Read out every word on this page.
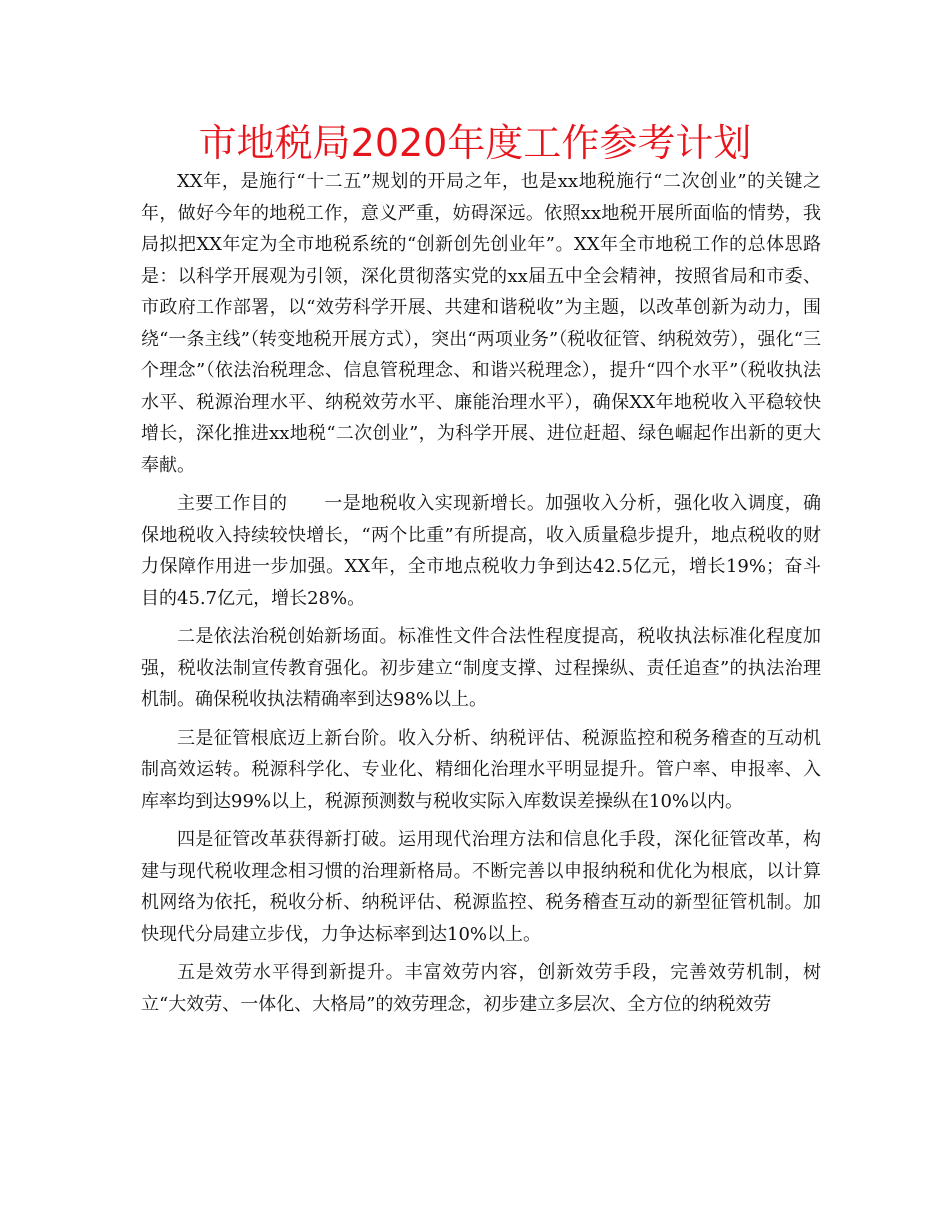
市地税局2020年度工作参考计划

XX年，是施行“十二五”规划的开局之年，也是xx地税施行“二次创业”的关键之年，做好今年的地税工作，意义严重，妨碍深远。依照xx地税开展所面临的情势，我局拟把XX年定为全市地税系统的“创新创先创业年”。XX年全市地税工作的总体思路是：以科学开展观为引领，深化贯彻落实党的xx届五中全会精神，按照省局和市委、市政府工作部署，以“效劳科学开展、共建和谐税收”为主题，以改革创新为动力，围绕“一条主线”（转变地税开展方式），突出“两项业务”（税收征管、纳税效劳），强化“三个理念”（依法治税理念、信息管税理念、和谐兴税理念），提升“四个水平”（税收执法水平、税源治理水平、纳税效劳水平、廉能治理水平），确保XX年地税收入平稳较快增长，深化推进xx地税“二次创业”，为科学开展、进位赶超、绿色崛起作出新的更大奉献。

主要工作目的　　一是地税收入实现新增长。加强收入分析，强化收入调度，确保地税收入持续较快增长，“两个比重”有所提高，收入质量稳步提升，地点税收的财力保障作用进一步加强。XX年，全市地点税收力争到达42.5亿元，增长19%；奋斗目的45.7亿元，增长28%。

二是依法治税创始新场面。标准性文件合法性程度提高，税收执法标准化程度加强，税收法制宣传教育强化。初步建立“制度支撑、过程操纵、责任追查”的执法治理机制。确保税收执法精确率到达98%以上。

三是征管根底迈上新台阶。收入分析、纳税评估、税源监控和税务稽查的互动机制高效运转。税源科学化、专业化、精细化治理水平明显提升。管户率、申报率、入库率均到达99%以上，税源预测数与税收实际入库数误差操纵在10%以内。

四是征管改革获得新打破。运用现代治理方法和信息化手段，深化征管改革，构建与现代税收理念相习惯的治理新格局。不断完善以申报纳税和优化为根底，以计算机网络为依托，税收分析、纳税评估、税源监控、税务稽查互动的新型征管机制。加快现代分局建立步伐，力争达标率到达10%以上。

五是效劳水平得到新提升。丰富效劳内容，创新效劳手段，完善效劳机制，树立“大效劳、一体化、大格局”的效劳理念，初步建立多层次、全方位的纳税效劳
